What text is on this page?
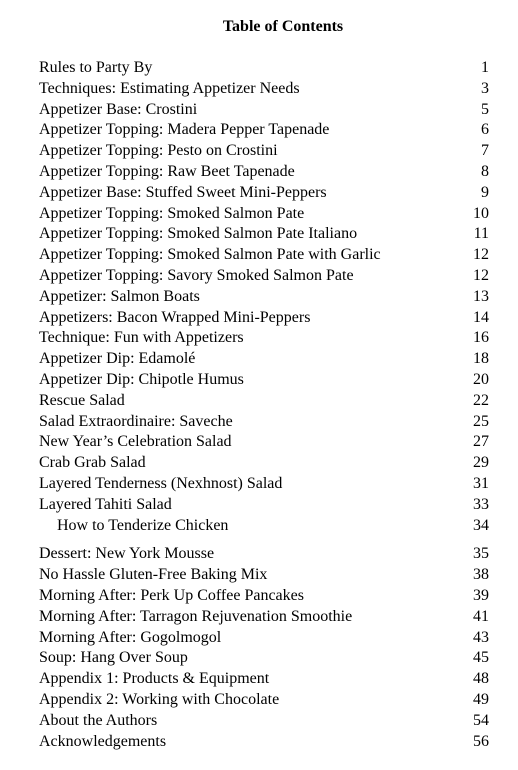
Table of Contents
Rules to Party By	1
Techniques: Estimating Appetizer Needs	3
Appetizer Base: Crostini	5
Appetizer Topping: Madera Pepper Tapenade	6
Appetizer Topping: Pesto on Crostini	7
Appetizer Topping: Raw Beet Tapenade	8
Appetizer Base: Stuffed Sweet Mini-Peppers	9
Appetizer Topping: Smoked Salmon Pate	10
Appetizer Topping: Smoked Salmon Pate Italiano	11
Appetizer Topping: Smoked Salmon Pate with Garlic	12
Appetizer Topping: Savory Smoked Salmon Pate	12
Appetizer: Salmon Boats	13
Appetizers: Bacon Wrapped Mini-Peppers	14
Technique: Fun with Appetizers	16
Appetizer Dip: Edamolé	18
Appetizer Dip: Chipotle Humus	20
Rescue Salad	22
Salad Extraordinaire: Saveche	25
New Year’s Celebration Salad	27
Crab Grab Salad	29
Layered Tenderness (Nexhnost) Salad	31
Layered Tahiti Salad	33
How to Tenderize Chicken	34
Dessert: New York Mousse	35
No Hassle Gluten-Free Baking Mix	38
Morning After: Perk Up Coffee Pancakes	39
Morning After: Tarragon Rejuvenation Smoothie	41
Morning After: Gogolmogol	43
Soup: Hang Over Soup	45
Appendix 1: Products & Equipment	48
Appendix 2: Working with Chocolate	49
About the Authors	54
Acknowledgements	56
